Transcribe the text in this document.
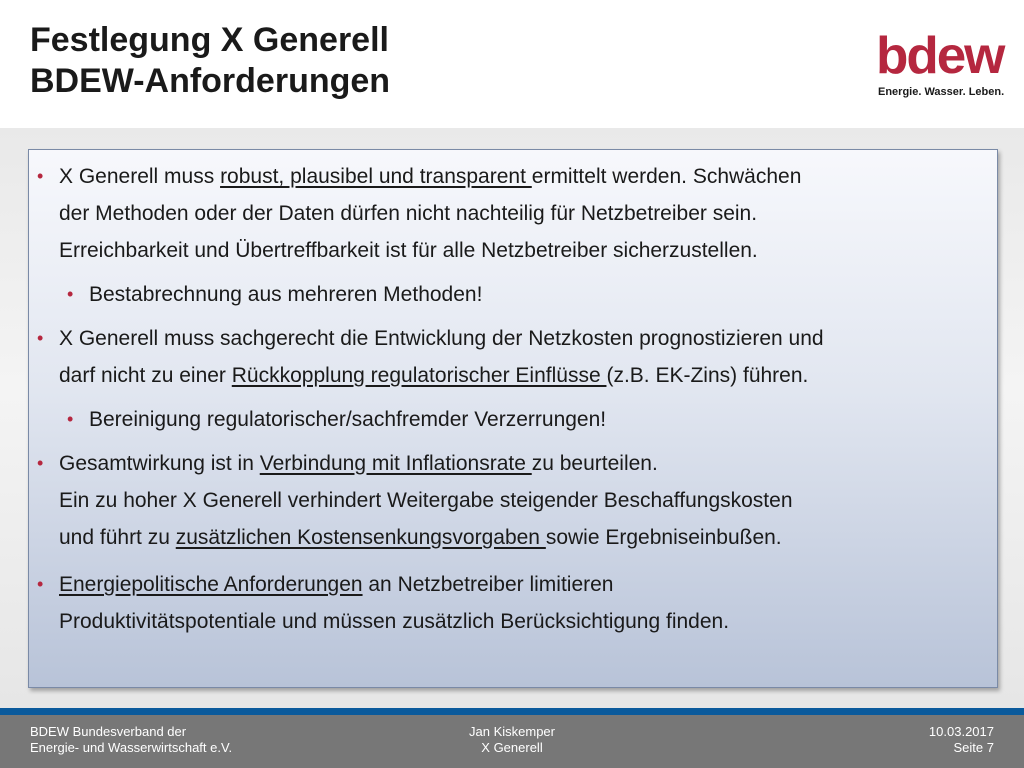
Festlegung X Generell
BDEW-Anforderungen	bdew
Energie. Wasser. Leben.
• X Generell muss robust, plausibel und transparent ermittelt werden. Schwächen
der Methoden oder der Daten dürfen nicht nachteilig für Netzbetreiber sein.
Erreichbarkeit und Übertreffbarkeit ist für alle Netzbetreiber sicherzustellen.
• Bestabrechnung aus mehreren Methoden!
• X Generell muss sachgerecht die Entwicklung der Netzkosten prognostizieren und
darf nicht zu einer Rückkopplung regulatorischer Einflüsse (z.B. EK-Zins) führen.
• Bereinigung regulatorischer/sachfremder Verzerrungen!
• Gesamtwirkung ist in Verbindung mit Inflationsrate zu beurteilen.
Ein zu hoher X Generell verhindert Weitergabe steigender Beschaffungskosten
und führt zu zusätzlichen Kostensenkungsvorgaben sowie Ergebniseinbußen.
• Energiepolitische Anforderungen an Netzbetreiber limitieren
Produktivitätspotentiale und müssen zusätzlich Berücksichtigung finden.
BDEW Bundesverband der
Energie- und Wasserwirtschaft e.V.
Jan Kiskemper
X Generell
10.03.2017
Seite 7
